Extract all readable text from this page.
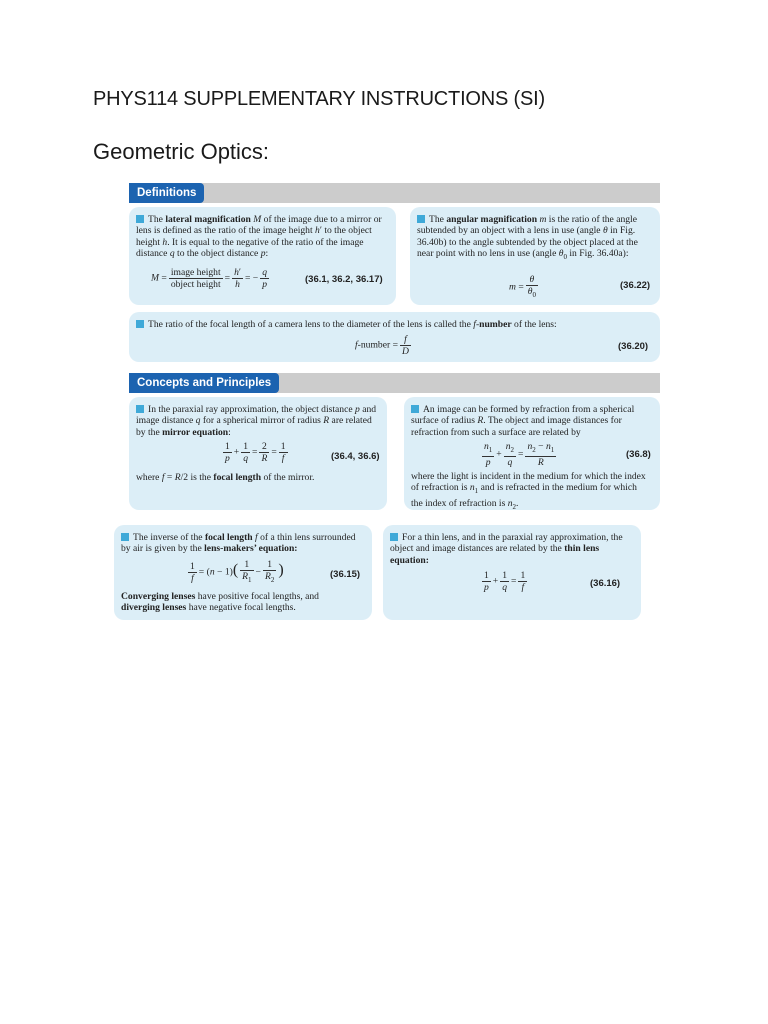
PHYS114 SUPPLEMENTARY INSTRUCTIONS (SI)
Geometric Optics:
Definitions
The lateral magnification M of the image due to a mirror or lens is defined as the ratio of the image height h′ to the object height h. It is equal to the negative of the ratio of the image distance q to the object distance p:
$M = \frac{\text{image height}}{\text{object height}} = \frac{h'}{h}$ = − $\frac{q}{p}$	(36.1, 36.2, 36.17)
The angular magnification m is the ratio of the angle subtended by an object with a lens in use (angle θ in Fig. 36.40b) to the angle subtended by the object placed at the near point with no lens in use (angle $\theta_0$ in Fig. 36.40a):
$m = \frac{\theta}{\theta_0}$	(36.22)
The ratio of the focal length of a camera lens to the diameter of the lens is called the f-number of the lens:
f-number = $\frac{f}{D}$	(36.20)
Concepts and Principles
In the paraxial ray approximation, the object distance p and image distance q for a spherical mirror of radius R are related by the mirror equation:
$\frac{1}{p} + \frac{1}{q} = \frac{2}{R} = \frac{1}{f}$	(36.4, 36.6)
where f = R/2 is the focal length of the mirror.
An image can be formed by refraction from a spherical surface of radius R. The object and image distances for refraction from such a surface are related by
$\frac{n_1}{p} + \frac{n_2}{q} = \frac{n_2 - n_1}{R}$	(36.8)
where the light is incident in the medium for which the index of refraction is $n_1$ and is refracted in the medium for which the index of refraction is $n_2$.
The inverse of the focal length f of a thin lens surrounded by air is given by the lens-makers’ equation:
$\frac{1}{f} = (n - 1)( \frac{1}{R_1} - \frac{1}{R_2}$ )	(36.15)
Converging lenses have positive focal lengths, and
diverging lenses have negative focal lengths.
For a thin lens, and in the paraxial ray approximation, the object and image distances are related by the thin lens equation:
$\frac{1}{p} + \frac{1}{q} = \frac{1}{f}$	(36.16)
